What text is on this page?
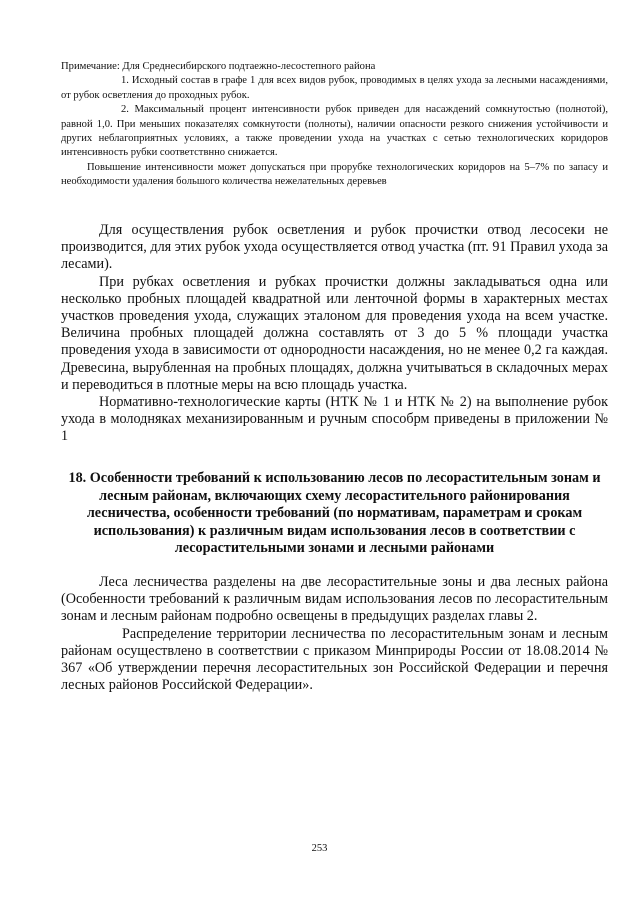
Примечание: Для Среднесибирского подтаежно-лесостепного района

1. Исходный состав в графе 1 для всех видов рубок, проводимых в целях ухода за лесными насаждениями, от рубок осветления до проходных рубок.

2. Максимальный процент интенсивности рубок приведен для насаждений сомкнутостью (полнотой), равной 1,0. При меньших показателях сомкнутости (полноты), наличии опасности резкого снижения устойчивости и других неблагоприятных условиях, а также проведении ухода на участках с сетью технологических коридоров интенсивность рубки соответствнно снижается.

Повышение интенсивности может допускаться при прорубке технологических коридоров на 5–7% по запасу и необходимости удаления большого количества нежелательных деревьев

Для осуществления рубок осветления и рубок прочистки отвод лесосеки не производится, для этих рубок ухода осуществляется отвод участка (пт. 91 Правил ухода за лесами).

При рубках осветления и рубках прочистки должны закладываться одна или несколько пробных площадей квадратной или ленточной формы в характерных местах участков проведения ухода, служащих эталоном для проведения ухода на всем участке. Величина пробных площадей должна составлять от 3 до 5 % площади участка проведения ухода в зависимости от однородности насаждения, но не менее 0,2 га каждая. Древесина, вырубленная на пробных площадях, должна учитываться в складочных мерах и переводиться в плотные меры на всю площадь участка.

Нормативно-технологические карты (НТК № 1 и НТК № 2) на выполнение рубок ухода в молодняках механизированным и ручным способрм приведены в приложении № 1

18. Особенности требований к использованию лесов по лесорастительным зонам и лесным районам, включающих схему лесорастительного районирования лесничества, особенности требований (по нормативам, параметрам и срокам использования) к различным видам использования лесов в соответствии с лесорастительными зонами и лесными районами

Леса лесничества разделены на две лесорастительные зоны и два лесных района (Особенности требований к различным видам использования лесов по лесорастительным зонам и лесным районам подробно освещены в предыдущих разделах главы 2.

Распределение территории лесничества по лесорастительным зонам и лесным районам осуществлено в соответствии с приказом Минприроды России от 18.08.2014 № 367 «Об утверждении перечня лесорастительных зон Российской Федерации и перечня лесных районов Российской Федерации».

253
